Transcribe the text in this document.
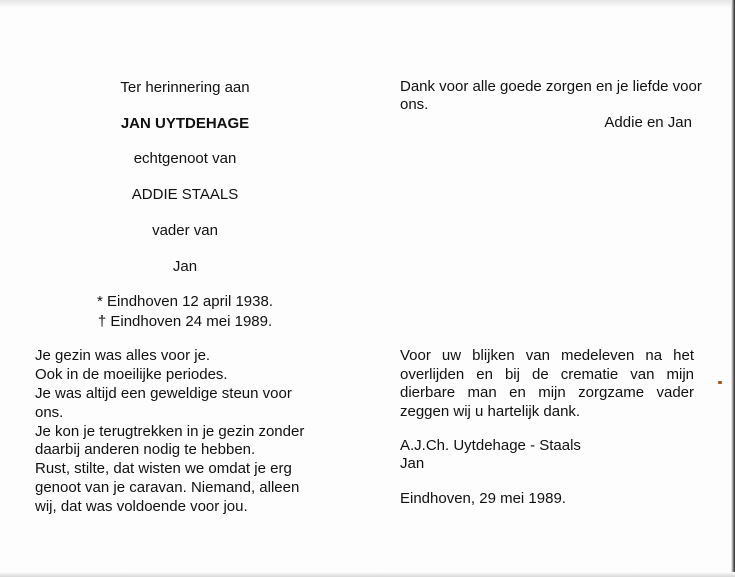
Ter herinnering aan
JAN UYTDEHAGE
echtgenoot van
ADDIE STAALS
vader van
Jan
* Eindhoven 12 april 1938.
† Eindhoven 24 mei 1989.
Je gezin was alles voor je.
Ook in de moeilijke periodes.
Je was altijd een geweldige steun voor
ons.
Je kon je terugtrekken in je gezin zonder
daarbij anderen nodig te hebben.
Rust, stilte, dat wisten we omdat je erg
genoot van je caravan. Niemand, alleen
wij, dat was voldoende voor jou.
Dank voor alle goede zorgen en je liefde voor ons.
Addie en Jan
Voor uw blijken van medeleven na het
overlijden en bij de crematie van mijn
dierbare man en mijn zorgzame vader
zeggen wij u hartelijk dank.
A.J.Ch. Uytdehage - Staals
Jan
Eindhoven, 29 mei 1989.
